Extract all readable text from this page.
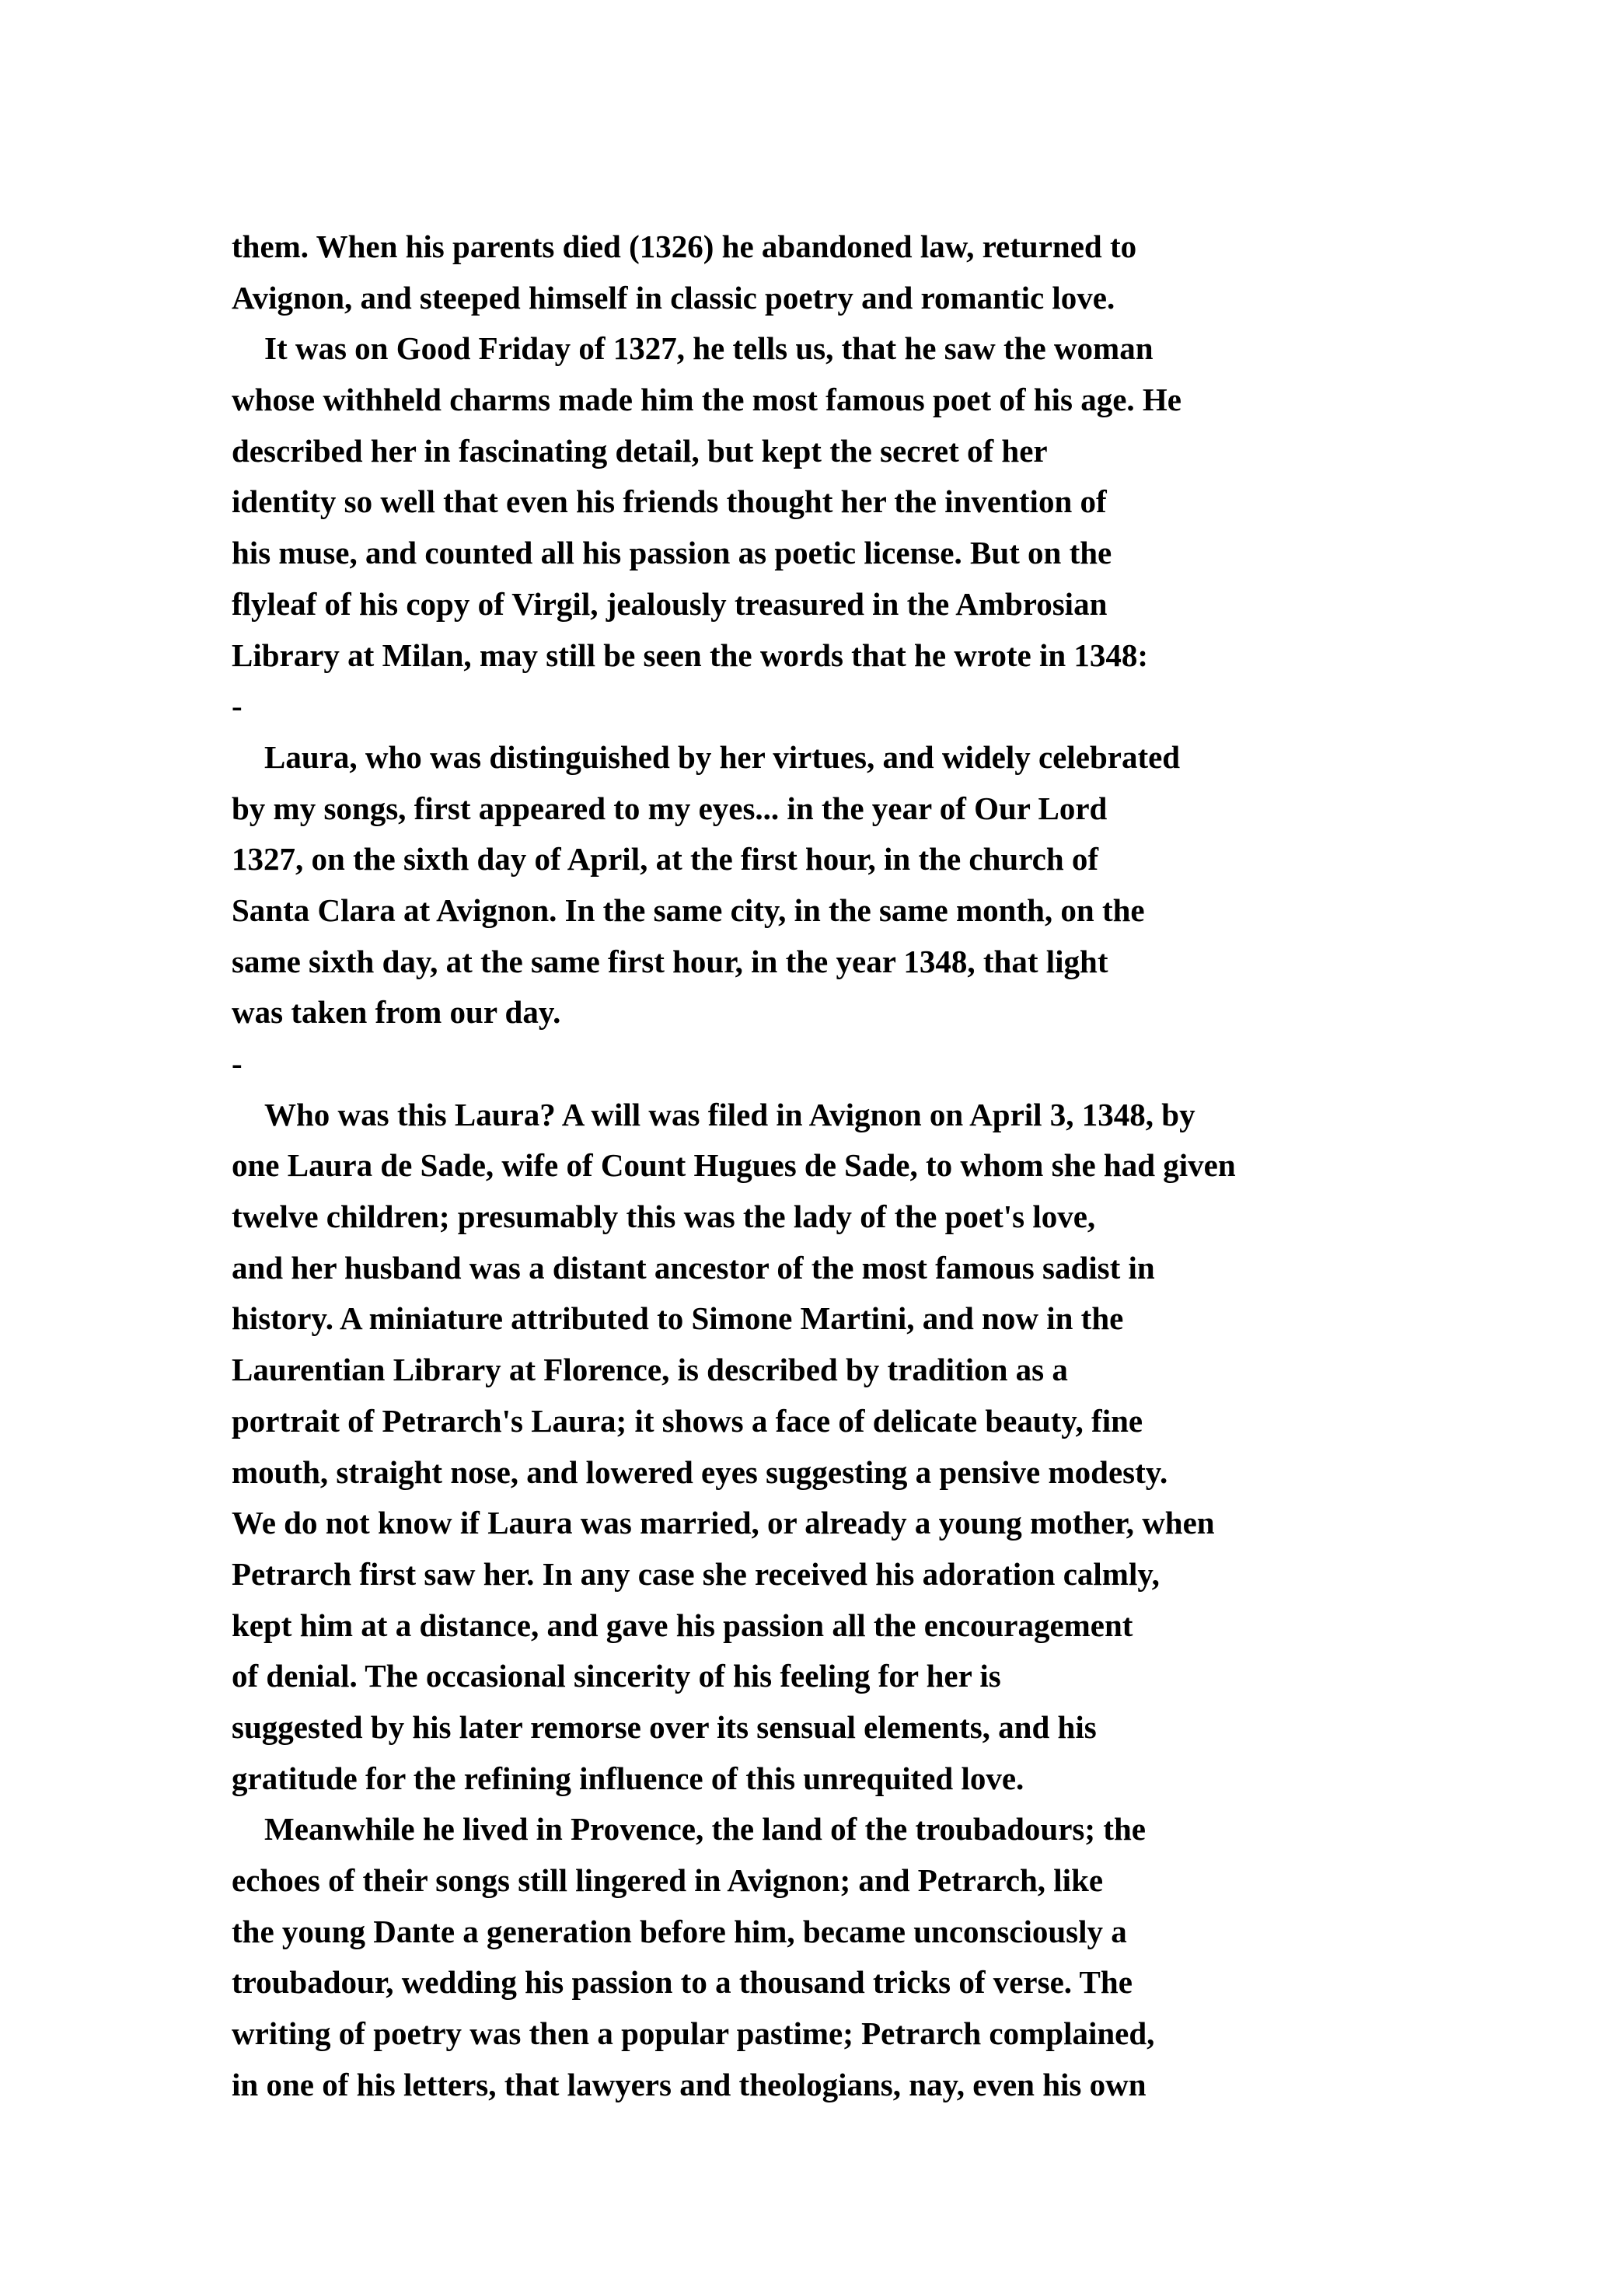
them. When his parents died (1326) he abandoned law, returned to
Avignon, and steeped himself in classic poetry and romantic love.
It was on Good Friday of 1327, he tells us, that he saw the woman
whose withheld charms made him the most famous poet of his age. He
described her in fascinating detail, but kept the secret of her
identity so well that even his friends thought her the invention of
his muse, and counted all his passion as poetic license. But on the
flyleaf of his copy of Virgil, jealously treasured in the Ambrosian
Library at Milan, may still be seen the words that he wrote in 1348:
-
Laura, who was distinguished by her virtues, and widely celebrated
by my songs, first appeared to my eyes... in the year of Our Lord
1327, on the sixth day of April, at the first hour, in the church of
Santa Clara at Avignon. In the same city, in the same month, on the
same sixth day, at the same first hour, in the year 1348, that light
was taken from our day.
-
Who was this Laura? A will was filed in Avignon on April 3, 1348, by
one Laura de Sade, wife of Count Hugues de Sade, to whom she had given
twelve children; presumably this was the lady of the poet's love,
and her husband was a distant ancestor of the most famous sadist in
history. A miniature attributed to Simone Martini, and now in the
Laurentian Library at Florence, is described by tradition as a
portrait of Petrarch's Laura; it shows a face of delicate beauty, fine
mouth, straight nose, and lowered eyes suggesting a pensive modesty.
We do not know if Laura was married, or already a young mother, when
Petrarch first saw her. In any case she received his adoration calmly,
kept him at a distance, and gave his passion all the encouragement
of denial. The occasional sincerity of his feeling for her is
suggested by his later remorse over its sensual elements, and his
gratitude for the refining influence of this unrequited love.
Meanwhile he lived in Provence, the land of the troubadours; the
echoes of their songs still lingered in Avignon; and Petrarch, like
the young Dante a generation before him, became unconsciously a
troubadour, wedding his passion to a thousand tricks of verse. The
writing of poetry was then a popular pastime; Petrarch complained,
in one of his letters, that lawyers and theologians, nay, even his own
